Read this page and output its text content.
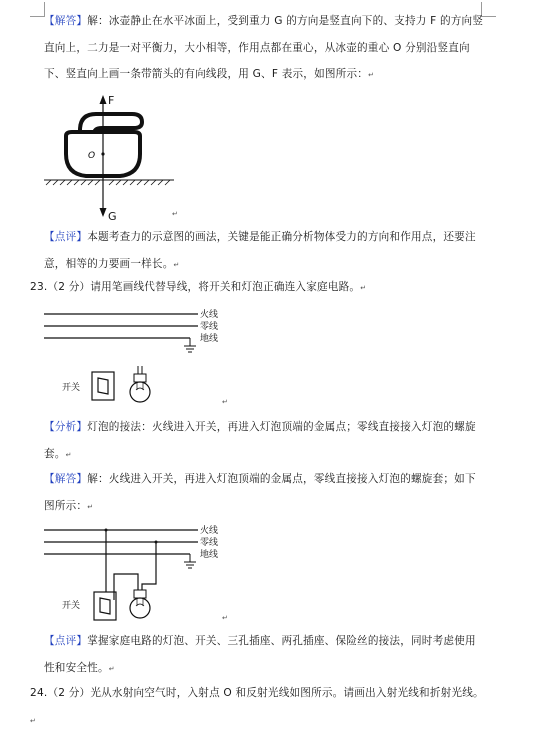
【解答】解：冰壶静止在水平冰面上，受到重力 G 的方向是竖直向下的、支持力 F 的方向竖直向上，二力是一对平衡力，大小相等，作用点都在重心，从冰壶的重心 O 分别沿竖直向下、竖直向上画一条带箭头的有向线段，用 G、F 表示，如图所示：↵
F
G
O
↵
【点评】本题考查力的示意图的画法，关键是能正确分析物体受力的方向和作用点，还要注意，相等的力要画一样长。↵
23.（2 分）请用笔画线代替导线，将开关和灯泡正确连入家庭电路。↵
火线
零线
地线
开关
↵
【分析】灯泡的接法：火线进入开关，再进入灯泡顶端的金属点；零线直接接入灯泡的螺旋套。↵
【解答】解：火线进入开关，再进入灯泡顶端的金属点，零线直接接入灯泡的螺旋套；如下图所示：↵
火线
零线
地线
开关
↵
【点评】掌握家庭电路的灯泡、开关、三孔插座、两孔插座、保险丝的接法，同时考虑使用性和安全性。↵
24.（2 分）光从水射向空气时，入射点 O 和反射光线如图所示。请画出入射光线和折射光线。↵
